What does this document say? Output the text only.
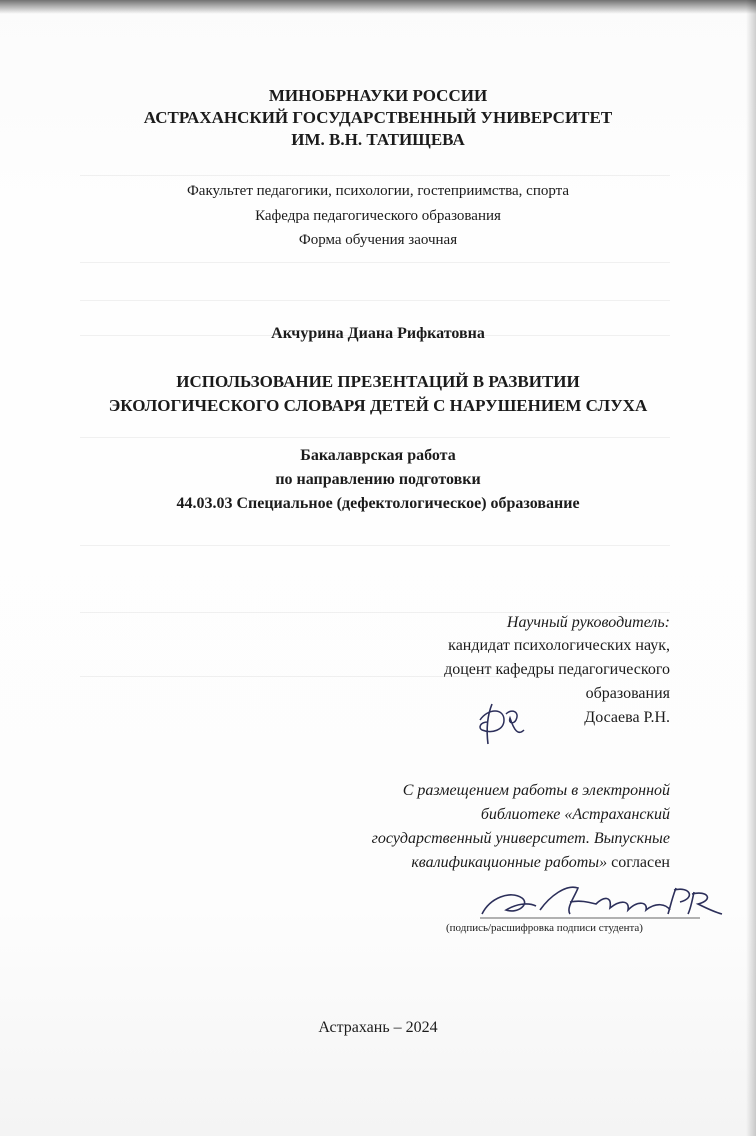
МИНОБРНАУКИ РОССИИ
АСТРАХАНСКИЙ ГОСУДАРСТВЕННЫЙ УНИВЕРСИТЕТ
ИМ. В.Н. ТАТИЩЕВА
Факультет педагогики, психологии, гостеприимства, спорта
Кафедра педагогического образования
Форма обучения заочная
Акчурина Диана Рифкатовна
ИСПОЛЬЗОВАНИЕ ПРЕЗЕНТАЦИЙ В РАЗВИТИИ
ЭКОЛОГИЧЕСКОГО СЛОВАРЯ ДЕТЕЙ С НАРУШЕНИЕМ СЛУХА
Бакалаврская работа
по направлению подготовки
44.03.03 Специальное (дефектологическое) образование
Научный руководитель:
кандидат психологических наук,
доцент кафедры педагогического
образования
Досаева Р.Н.
С размещением работы в электронной
библиотеке «Астраханский
государственный университет. Выпускные
квалификационные работы» согласен
(подпись/расшифровка подписи студента)
Астрахань – 2024
